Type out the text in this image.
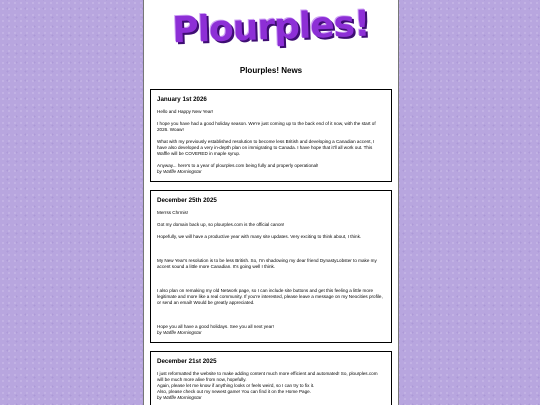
Plourples!
Plourples! News
January 1st 2026

Hello and Happy New Year!

I hope you have had a good holiday season. We're just coming up to the back end of it now, with the start of 2026. Woaw!

What with my previously established resolution to become less British and developing a Canadian accent, I have also developed a very in-depth plan on immigrating to Canada. I have hope that it'll all work out. This Waffle will be COVERED in maple syrup.

Anyway... here's to a year of plourples.com being fully and properly operational!

by Waffle Morningstar

December 25th 2025

Merrss Chrmis!

Got my domain back up, so plourples.com is the official canon!

Hopefully, we will have a productive year with many site updates. Very exciting to think about, I think.

My New Year's resolution is to be less British. So, I'm shadowing my dear friend DynastyLobster to make my accent sound a little more Canadian. It's going well I think.

I also plan on remaking my old Network page, so I can include site buttons and get this feeling a little more legitimate and more like a real community. If you're interested, please leave a message on my Neocities profile, or send an email! Would be greatly appreciated.

Hope you all have a good holidays. See you all next year!

by Waffle Morningstar

December 21st 2025

I just reformatted the website to make adding content much more efficient and automated! So, plourples.com will be much more alive from now, hopefully.

Again, please let me know if anything looks or feels weird, so I can try to fix it.

Also, please check out my newest game! You can find it on the Home Page.

by Waffle Morningstar
